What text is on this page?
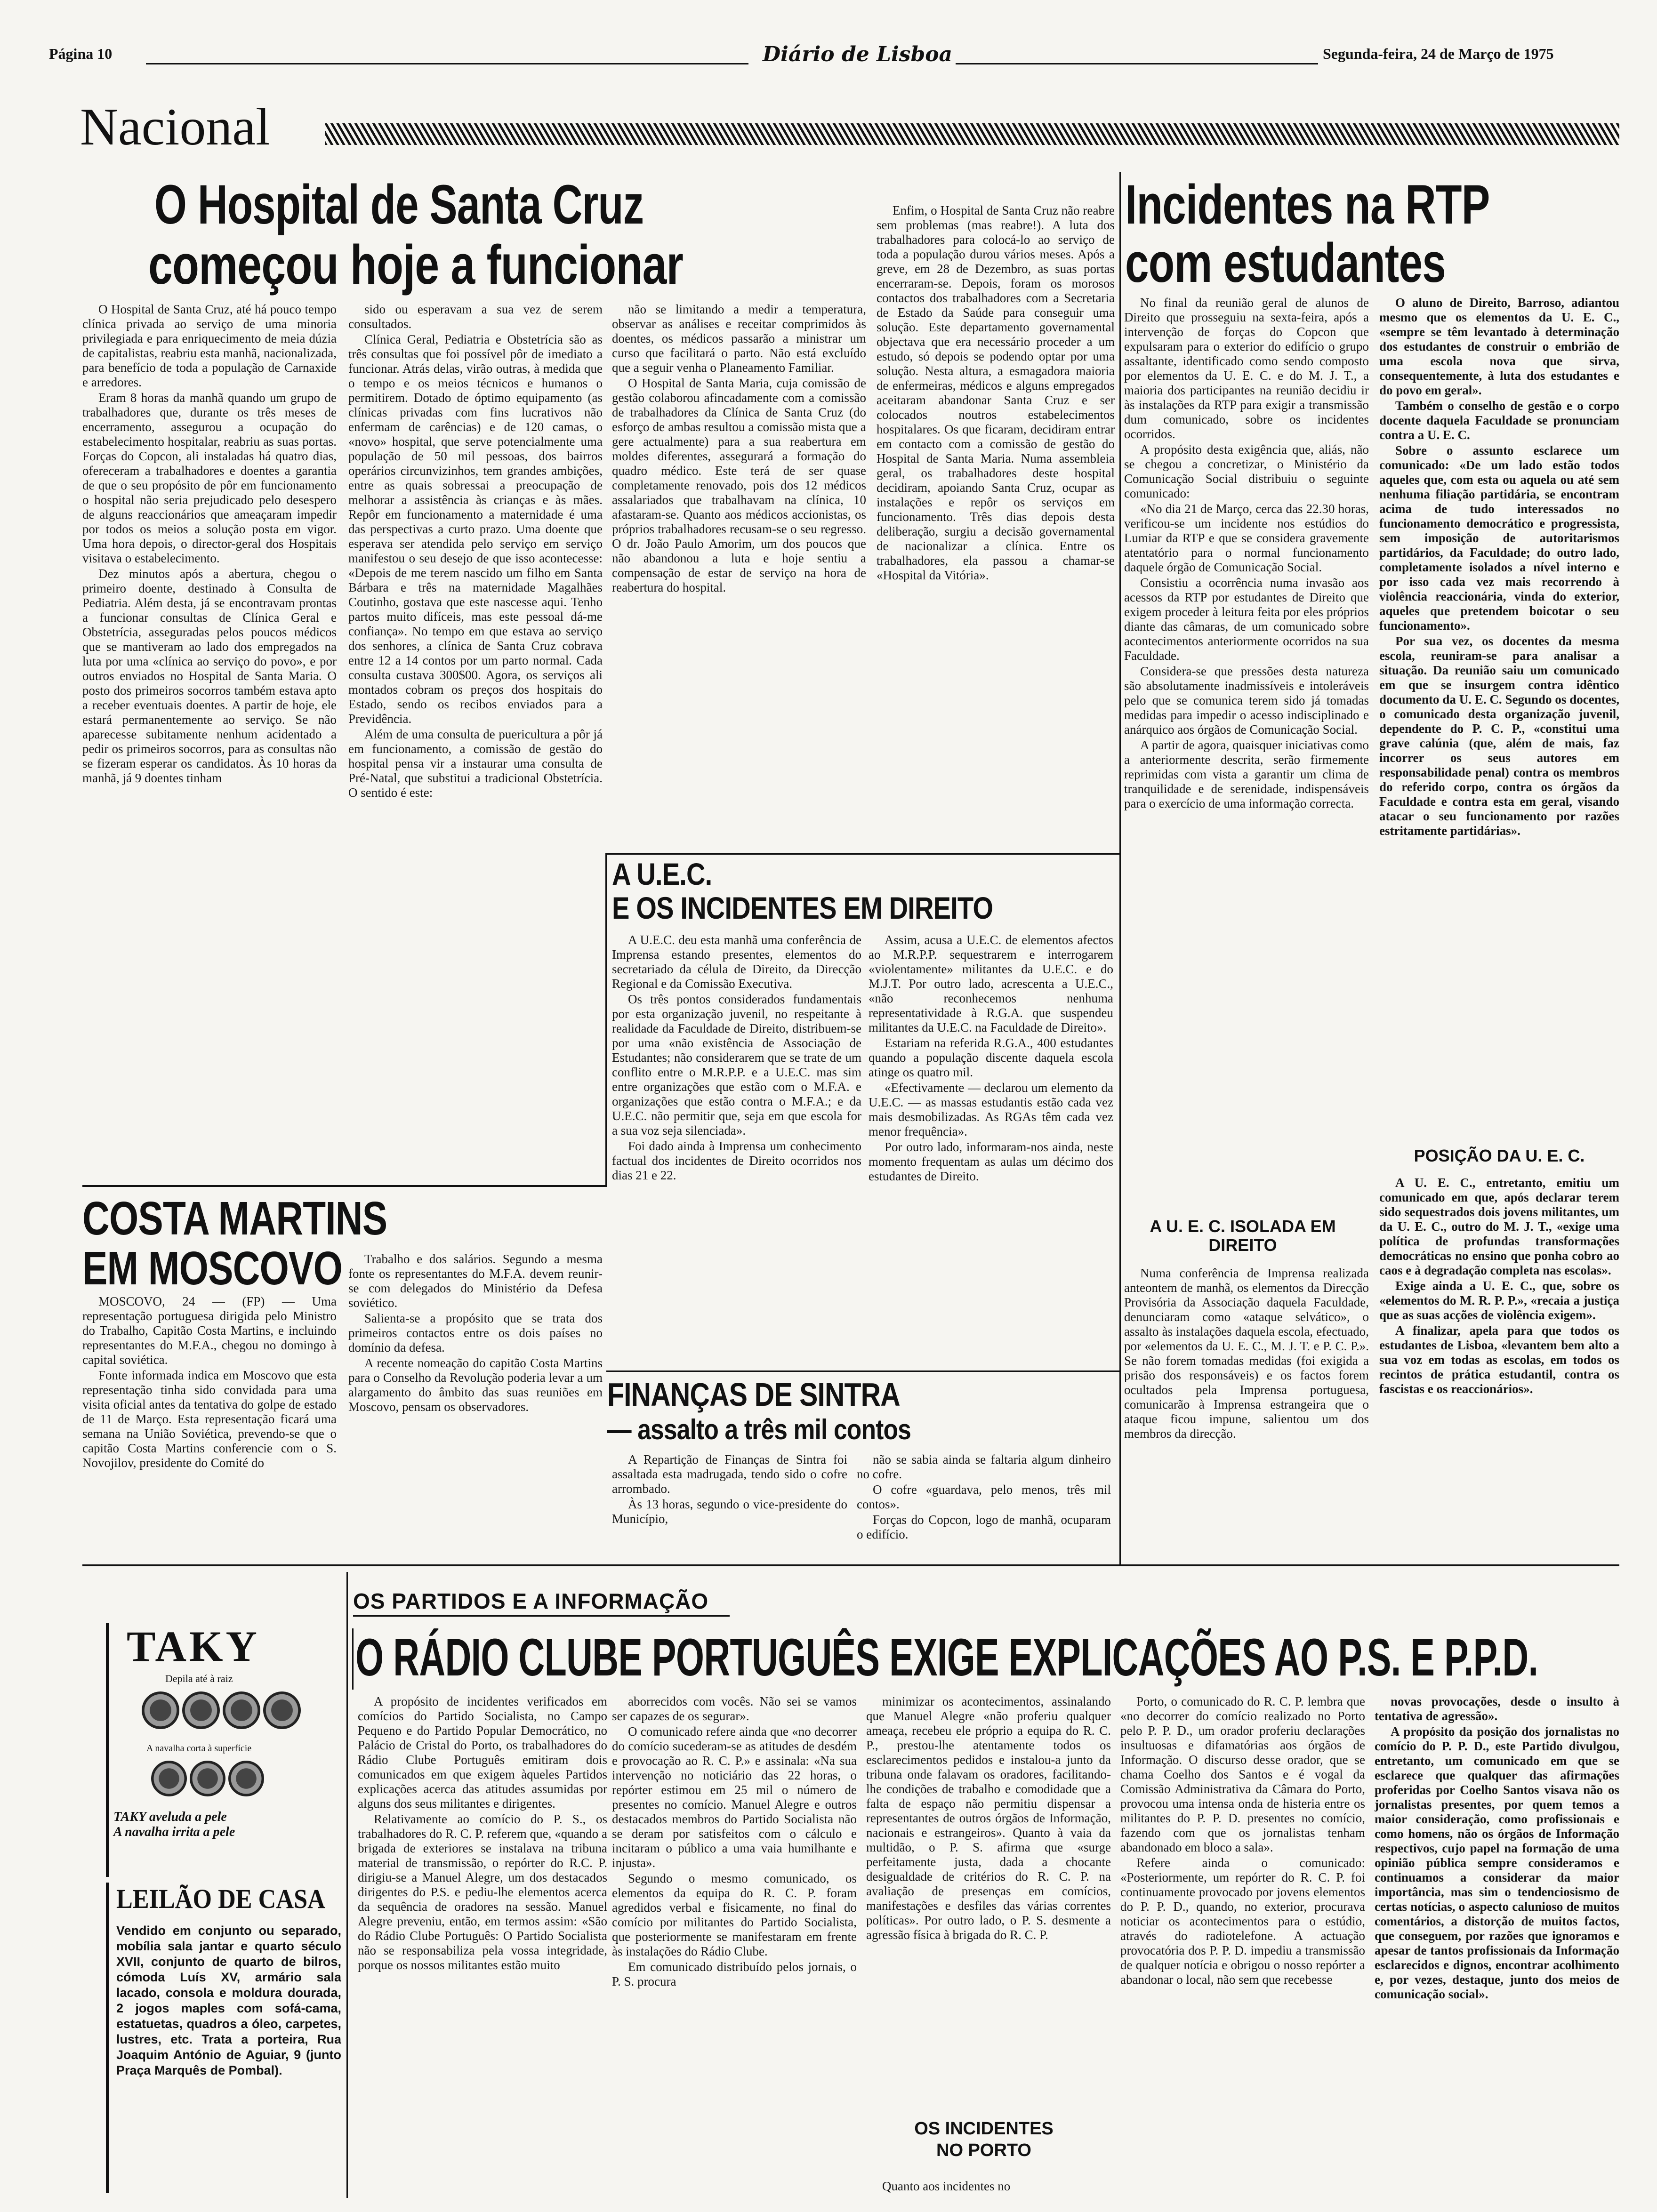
Página 10	Diário de Lisboa	Segunda-feira, 24 de Março de 1975
Nacional
O Hospital de Santa Cruz
começou hoje a funcionar

O Hospital de Santa Cruz, até há pouco tempo clínica privada ao serviço de uma minoria privilegiada e para enriquecimento de meia dúzia de capitalistas, reabriu esta manhã, nacionalizada, para benefício de toda a população de Carnaxide e arredores.

Eram 8 horas da manhã quando um grupo de trabalhadores que, durante os três meses de encerramento, assegurou a ocupação do estabelecimento hospitalar, reabriu as suas portas. Forças do Copcon, ali instaladas há quatro dias, ofereceram a trabalhadores e doentes a garantia de que o seu propósito de pôr em funcionamento o hospital não seria prejudicado pelo desespero de alguns reaccionários que ameaçaram impedir por todos os meios a solução posta em vigor. Uma hora depois, o director-geral dos Hospitais visitava o estabelecimento.

Dez minutos após a abertura, chegou o primeiro doente, destinado à Consulta de Pediatria. Além desta, já se encontravam prontas a funcionar consultas de Clínica Geral e Obstetrícia, asseguradas pelos poucos médicos que se mantiveram ao lado dos empregados na luta por uma «clínica ao serviço do povo», e por outros enviados no Hospital de Santa Maria. O posto dos primeiros socorros também estava apto a receber eventuais doentes. A partir de hoje, ele estará permanentemente ao serviço. Se não aparecesse subitamente nenhum acidentado a pedir os primeiros socorros, para as consultas não se fizeram esperar os candidatos. Às 10 horas da manhã, já 9 doentes tinham

sido ou esperavam a sua vez de serem consultados.

Clínica Geral, Pediatria e Obstetrícia são as três consultas que foi possível pôr de imediato a funcionar. Atrás delas, virão outras, à medida que o tempo e os meios técnicos e humanos o permitirem. Dotado de óptimo equipamento (as clínicas privadas com fins lucrativos não enfermam de carências) e de 120 camas, o «novo» hospital, que serve potencialmente uma população de 50 mil pessoas, dos bairros operários circunvizinhos, tem grandes ambições, entre as quais sobressai a preocupação de melhorar a assistência às crianças e às mães. Repôr em funcionamento a maternidade é uma das perspectivas a curto prazo. Uma doente que esperava ser atendida pelo serviço em serviço manifestou o seu desejo de que isso acontecesse: «Depois de me terem nascido um filho em Santa Bárbara e três na maternidade Magalhães Coutinho, gostava que este nascesse aqui. Tenho partos muito difíceis, mas este pessoal dá-me confiança». No tempo em que estava ao serviço dos senhores, a clínica de Santa Cruz cobrava entre 12 a 14 contos por um parto normal. Cada consulta custava 300$00. Agora, os serviços ali montados cobram os preços dos hospitais do Estado, sendo os recibos enviados para a Previdência.

Além de uma consulta de puericultura a pôr já em funcionamento, a comissão de gestão do hospital pensa vir a instaurar uma consulta de Pré-Natal, que substitui a tradicional Obstetrícia. O sentido é este:

não se limitando a medir a temperatura, observar as análises e receitar comprimidos às doentes, os médicos passarão a ministrar um curso que facilitará o parto. Não está excluído que a seguir venha o Planeamento Familiar.

O Hospital de Santa Maria, cuja comissão de gestão colaborou afincadamente com a comissão de trabalhadores da Clínica de Santa Cruz (do esforço de ambas resultou a comissão mista que a gere actualmente) para a sua reabertura em moldes diferentes, assegurará a formação do quadro médico. Este terá de ser quase completamente renovado, pois dos 12 médicos assalariados que trabalhavam na clínica, 10 afastaram-se. Quanto aos médicos accionistas, os próprios trabalhadores recusam-se o seu regresso. O dr. João Paulo Amorim, um dos poucos que não abandonou a luta e hoje sentiu a compensação de estar de serviço na hora de reabertura do hospital.

Enfim, o Hospital de Santa Cruz não reabre sem problemas (mas reabre!). A luta dos trabalhadores para colocá-lo ao serviço de toda a população durou vários meses. Após a greve, em 28 de Dezembro, as suas portas encerraram-se. Depois, foram os morosos contactos dos trabalhadores com a Secretaria de Estado da Saúde para conseguir uma solução. Este departamento governamental objectava que era necessário proceder a um estudo, só depois se podendo optar por uma solução. Nesta altura, a esmagadora maioria de enfermeiras, médicos e alguns empregados aceitaram abandonar Santa Cruz e ser colocados noutros estabelecimentos hospitalares. Os que ficaram, decidiram entrar em contacto com a comissão de gestão do Hospital de Santa Maria. Numa assembleia geral, os trabalhadores deste hospital decidiram, apoiando Santa Cruz, ocupar as instalações e repôr os serviços em funcionamento. Três dias depois desta deliberação, surgiu a decisão governamental de nacionalizar a clínica. Entre os trabalhadores, ela passou a chamar-se «Hospital da Vitória».

Incidentes na RTP
com estudantes

No final da reunião geral de alunos de Direito que prosseguiu na sexta-feira, após a intervenção de forças do Copcon que expulsaram para o exterior do edifício o grupo assaltante, identificado como sendo composto por elementos da U. E. C. e do M. J. T., a maioria dos participantes na reunião decidiu ir às instalações da RTP para exigir a transmissão dum comunicado, sobre os incidentes ocorridos.

A propósito desta exigência que, aliás, não se chegou a concretizar, o Ministério da Comunicação Social distribuiu o seguinte comunicado:

«No dia 21 de Março, cerca das 22.30 horas, verificou-se um incidente nos estúdios do Lumiar da RTP e que se considera gravemente atentatório para o normal funcionamento daquele órgão de Comunicação Social.

Consistiu a ocorrência numa invasão aos acessos da RTP por estudantes de Direito que exigem proceder à leitura feita por eles próprios diante das câmaras, de um comunicado sobre acontecimentos anteriormente ocorridos na sua Faculdade.

Considera-se que pressões desta natureza são absolutamente inadmissíveis e intoleráveis pelo que se comunica terem sido já tomadas medidas para impedir o acesso indisciplinado e anárquico aos órgãos de Comunicação Social.

A partir de agora, quaisquer iniciativas como a anteriormente descrita, serão firmemente reprimidas com vista a garantir um clima de tranquilidade e de serenidade, indispensáveis para o exercício de uma informação correcta.

A U. E. C. ISOLADA EM DIREITO

Numa conferência de Imprensa realizada anteontem de manhã, os elementos da Direcção Provisória da Associação daquela Faculdade, denunciaram como «ataque selvático», o assalto às instalações daquela escola, efectuado, por «elementos da U. E. C., M. J. T. e P. C. P.». Se não forem tomadas medidas (foi exigida a prisão dos responsáveis) e os factos forem ocultados pela Imprensa portuguesa, comunicarão à Imprensa estrangeira que o ataque ficou impune, salientou um dos membros da direcção.

O aluno de Direito, Barroso, adiantou mesmo que os elementos da U. E. C., «sempre se têm levantado à determinação dos estudantes de construir o embrião de uma escola nova que sirva, consequentemente, à luta dos estudantes e do povo em geral».

Também o conselho de gestão e o corpo docente daquela Faculdade se pronunciam contra a U. E. C.

Sobre o assunto esclarece um comunicado: «De um lado estão todos aqueles que, com esta ou aquela ou até sem nenhuma filiação partidária, se encontram acima de tudo interessados no funcionamento democrático e progressista, sem imposição de autoritarismos partidários, da Faculdade; do outro lado, completamente isolados a nível interno e por isso cada vez mais recorrendo à violência reaccionária, vinda do exterior, aqueles que pretendem boicotar o seu funcionamento».

Por sua vez, os docentes da mesma escola, reuniram-se para analisar a situação. Da reunião saiu um comunicado em que se insurgem contra idêntico documento da U. E. C. Segundo os docentes, o comunicado desta organização juvenil, dependente do P. C. P., «constitui uma grave calúnia (que, além de mais, faz incorrer os seus autores em responsabilidade penal) contra os membros do referido corpo, contra os órgãos da Faculdade e contra esta em geral, visando atacar o seu funcionamento por razões estritamente partidárias».

POSIÇÃO DA U. E. C.

A U. E. C., entretanto, emitiu um comunicado em que, após declarar terem sido sequestrados dois jovens militantes, um da U. E. C., outro do M. J. T., «exige uma política de profundas transformações democráticas no ensino que ponha cobro ao caos e à degradação completa nas escolas».

Exige ainda a U. E. C., que, sobre os «elementos do M. R. P. P.», «recaia a justiça que as suas acções de violência exigem».

A finalizar, apela para que todos os estudantes de Lisboa, «levantem bem alto a sua voz em todas as escolas, em todos os recintos de prática estudantil, contra os fascistas e os reaccionários».

A U.E.C.
E OS INCIDENTES EM DIREITO

A U.E.C. deu esta manhã uma conferência de Imprensa estando presentes, elementos do secretariado da célula de Direito, da Direcção Regional e da Comissão Executiva.

Os três pontos considerados fundamentais por esta organização juvenil, no respeitante à realidade da Faculdade de Direito, distribuem-se por uma «não existência de Associação de Estudantes; não considerarem que se trate de um conflito entre o M.R.P.P. e a U.E.C. mas sim entre organizações que estão com o M.F.A. e organizações que estão contra o M.F.A.; e da U.E.C. não permitir que, seja em que escola for a sua voz seja silenciada».

Foi dado ainda à Imprensa um conhecimento factual dos incidentes de Direito ocorridos nos dias 21 e 22.

Assim, acusa a U.E.C. de elementos afectos ao M.R.P.P. sequestrarem e interrogarem «violentamente» militantes da U.E.C. e do M.J.T. Por outro lado, acrescenta a U.E.C., «não reconhecemos nenhuma representatividade à R.G.A. que suspendeu militantes da U.E.C. na Faculdade de Direito».

Estariam na referida R.G.A., 400 estudantes quando a população discente daquela escola atinge os quatro mil.

«Efectivamente — declarou um elemento da U.E.C. — as massas estudantis estão cada vez mais desmobilizadas. As RGAs têm cada vez menor frequência».

Por outro lado, informaram-nos ainda, neste momento frequentam as aulas um décimo dos estudantes de Direito.

COSTA MARTINS
EM MOSCOVO

MOSCOVO, 24 — (FP) — Uma representação portuguesa dirigida pelo Ministro do Trabalho, Capitão Costa Martins, e incluindo representantes do M.F.A., chegou no domingo à capital soviética.

Fonte informada indica em Moscovo que esta representação tinha sido convidada para uma visita oficial antes da tentativa do golpe de estado de 11 de Março. Esta representação ficará uma semana na União Soviética, prevendo-se que o capitão Costa Martins conferencie com o S. Novojilov, presidente do Comité do

Trabalho e dos salários. Segundo a mesma fonte os representantes do M.F.A. devem reunir-se com delegados do Ministério da Defesa soviético.

Salienta-se a propósito que se trata dos primeiros contactos entre os dois países no domínio da defesa.

A recente nomeação do capitão Costa Martins para o Conselho da Revolução poderia levar a um alargamento do âmbito das suas reuniões em Moscovo, pensam os observadores.	FINANÇAS DE SINTRA
— assalto a três mil contos

A Repartição de Finanças de Sintra foi assaltada esta madrugada, tendo sido o cofre arrombado.

Às 13 horas, segundo o vice-presidente do Município,

não se sabia ainda se faltaria algum dinheiro no cofre.

O cofre «guardava, pelo menos, três mil contos».

Forças do Copcon, logo de manhã, ocuparam o edifício.

TAKY
Depila até à raiz
A navalha corta à superfície
TAKY aveluda a pele
A navalha irrita a pele
LEILÃO DE CASA
Vendido em conjunto ou separado, mobília sala jantar e quarto século XVII, conjunto de quarto de bilros, cómoda Luís XV, armário sala lacado, consola e moldura dourada, 2 jogos maples com sofá-cama, estatuetas, quadros a óleo, carpetes, lustres, etc. Trata a porteira, Rua Joaquim António de Aguiar, 9 (junto Praça Marquês de Pombal).
OS PARTIDOS E A INFORMAÇÃO
O RÁDIO CLUBE PORTUGUÊS EXIGE EXPLICAÇÕES AO P.S. E P.P.D.

A propósito de incidentes verificados em comícios do Partido Socialista, no Campo Pequeno e do Partido Popular Democrático, no Palácio de Cristal do Porto, os trabalhadores do Rádio Clube Português emitiram dois comunicados em que exigem àqueles Partidos explicações acerca das atitudes assumidas por alguns dos seus militantes e dirigentes.

Relativamente ao comício do P. S., os trabalhadores do R. C. P. referem que, «quando a brigada de exteriores se instalava na tribuna material de transmissão, o repórter do R.C. P. dirigiu-se a Manuel Alegre, um dos destacados dirigentes do P.S. e pediu-lhe elementos acerca da sequência de oradores na sessão. Manuel Alegre preveniu, então, em termos assim: «São do Rádio Clube Português: O Partido Socialista não se responsabiliza pela vossa integridade, porque os nossos militantes estão muito

aborrecidos com vocês. Não sei se vamos ser capazes de os segurar».

O comunicado refere ainda que «no decorrer do comício sucederam-se as atitudes de desdém e provocação ao R. C. P.» e assinala: «Na sua intervenção no noticiário das 22 horas, o repórter estimou em 25 mil o número de presentes no comício. Manuel Alegre e outros destacados membros do Partido Socialista não se deram por satisfeitos com o cálculo e incitaram o público a uma vaia humilhante e injusta».

Segundo o mesmo comunicado, os elementos da equipa do R. C. P. foram agredidos verbal e fisicamente, no final do comício por militantes do Partido Socialista, que posteriormente se manifestaram em frente às instalações do Rádio Clube.

Em comunicado distribuído pelos jornais, o P. S. procura

minimizar os acontecimentos, assinalando que Manuel Alegre «não proferiu qualquer ameaça, recebeu ele próprio a equipa do R. C. P., prestou-lhe atentamente todos os esclarecimentos pedidos e instalou-a junto da tribuna onde falavam os oradores, facilitando-lhe condições de trabalho e comodidade que a falta de espaço não permitiu dispensar a representantes de outros órgãos de Informação, nacionais e estrangeiros». Quanto à vaia da multidão, o P. S. afirma que «surge perfeitamente justa, dada a chocante desigualdade de critérios do R. C. P. na avaliação de presenças em comícios, manifestações e desfiles das várias correntes políticas». Por outro lado, o P. S. desmente a agressão física à brigada do R. C. P.

OS INCIDENTES NO PORTO

Quanto aos incidentes no

Porto, o comunicado do R. C. P. lembra que «no decorrer do comício realizado no Porto pelo P. P. D., um orador proferiu declarações insultuosas e difamatórias aos órgãos de Informação. O discurso desse orador, que se chama Coelho dos Santos e é vogal da Comissão Administrativa da Câmara do Porto, provocou uma intensa onda de histeria entre os militantes do P. P. D. presentes no comício, fazendo com que os jornalistas tenham abandonado em bloco a sala».

Refere ainda o comunicado: «Posteriormente, um repórter do R. C. P. foi continuamente provocado por jovens elementos do P. P. D., quando, no exterior, procurava noticiar os acontecimentos para o estúdio, através do radiotelefone. A actuação provocatória dos P. P. D. impediu a transmissão de qualquer notícia e obrigou o nosso repórter a abandonar o local, não sem que recebesse

novas provocações, desde o insulto à tentativa de agressão».

A propósito da posição dos jornalistas no comício do P. P. D., este Partido divulgou, entretanto, um comunicado em que se esclarece que qualquer das afirmações proferidas por Coelho Santos visava não os jornalistas presentes, por quem temos a maior consideração, como profissionais e como homens, não os órgãos de Informação respectivos, cujo papel na formação de uma opinião pública sempre consideramos e continuamos a considerar da maior importância, mas sim o tendenciosismo de certas notícias, o aspecto calunioso de muitos comentários, a distorção de muitos factos, que conseguem, por razões que ignoramos e apesar de tantos profissionais da Informação esclarecidos e dignos, encontrar acolhimento e, por vezes, destaque, junto dos meios de comunicação social».
